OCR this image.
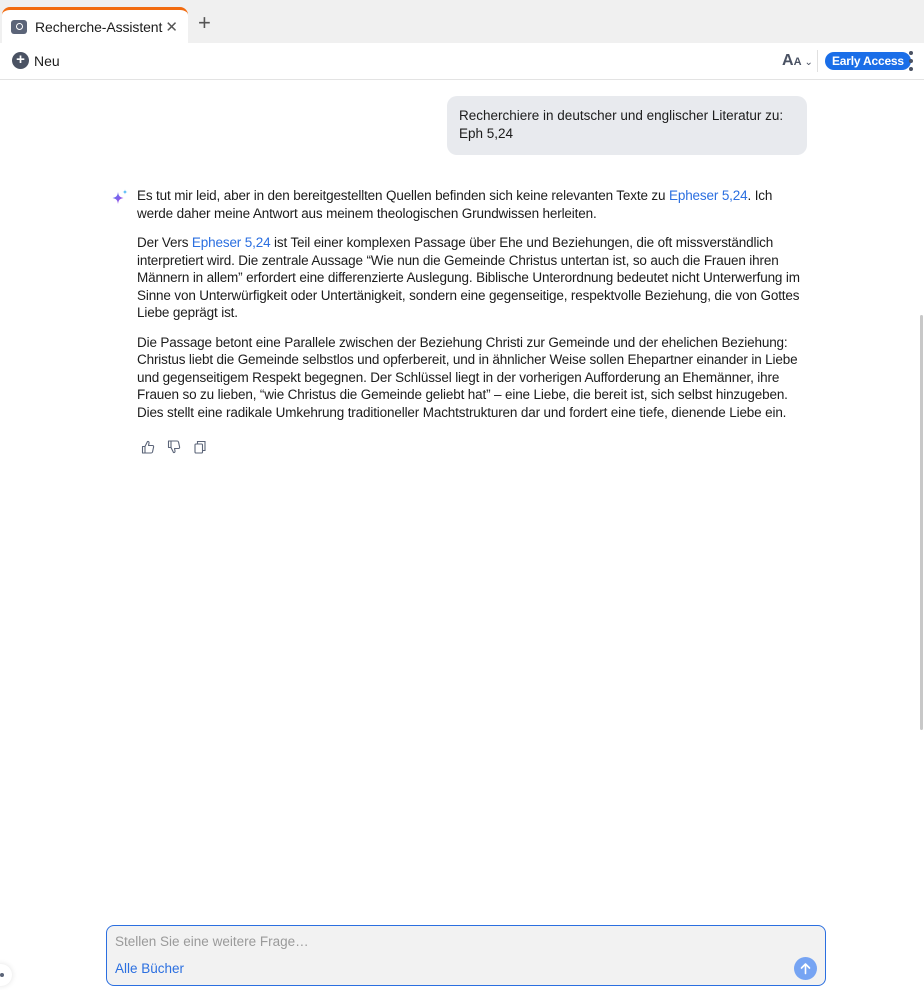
Recherche-Assistent ✕ +
+ Neu	A A ⌄	Early Access
Recherchiere in deutscher und englischer Literatur zu:
Eph 5,24

Es tut mir leid, aber in den bereitgestellten Quellen befinden sich keine relevanten Texte zu Epheser 5,24. Ich werde daher meine Antwort aus meinem theologischen Grundwissen herleiten.

Der Vers Epheser 5,24 ist Teil einer komplexen Passage über Ehe und Beziehungen, die oft missverständlich interpretiert wird. Die zentrale Aussage “Wie nun die Gemeinde Christus untertan ist, so auch die Frauen ihren Männern in allem” erfordert eine differenzierte Auslegung. Biblische Unterordnung bedeutet nicht Unterwerfung im Sinne von Unterwürfigkeit oder Untertänigkeit, sondern eine gegenseitige, respektvolle Beziehung, die von Gottes Liebe geprägt ist.

Die Passage betont eine Parallele zwischen der Beziehung Christi zur Gemeinde und der ehelichen Beziehung: Christus liebt die Gemeinde selbstlos und opferbereit, und in ähnlicher Weise sollen Ehepartner einander in Liebe und gegenseitigem Respekt begegnen. Der Schlüssel liegt in der vorherigen Aufforderung an Ehemänner, ihre Frauen so zu lieben, “wie Christus die Gemeinde geliebt hat” – eine Liebe, die bereit ist, sich selbst hinzugeben. Dies stellt eine radikale Umkehrung traditioneller Machtstrukturen dar und fordert eine tiefe, dienende Liebe ein.

Stellen Sie eine weitere Frage…
Alle Bücher
